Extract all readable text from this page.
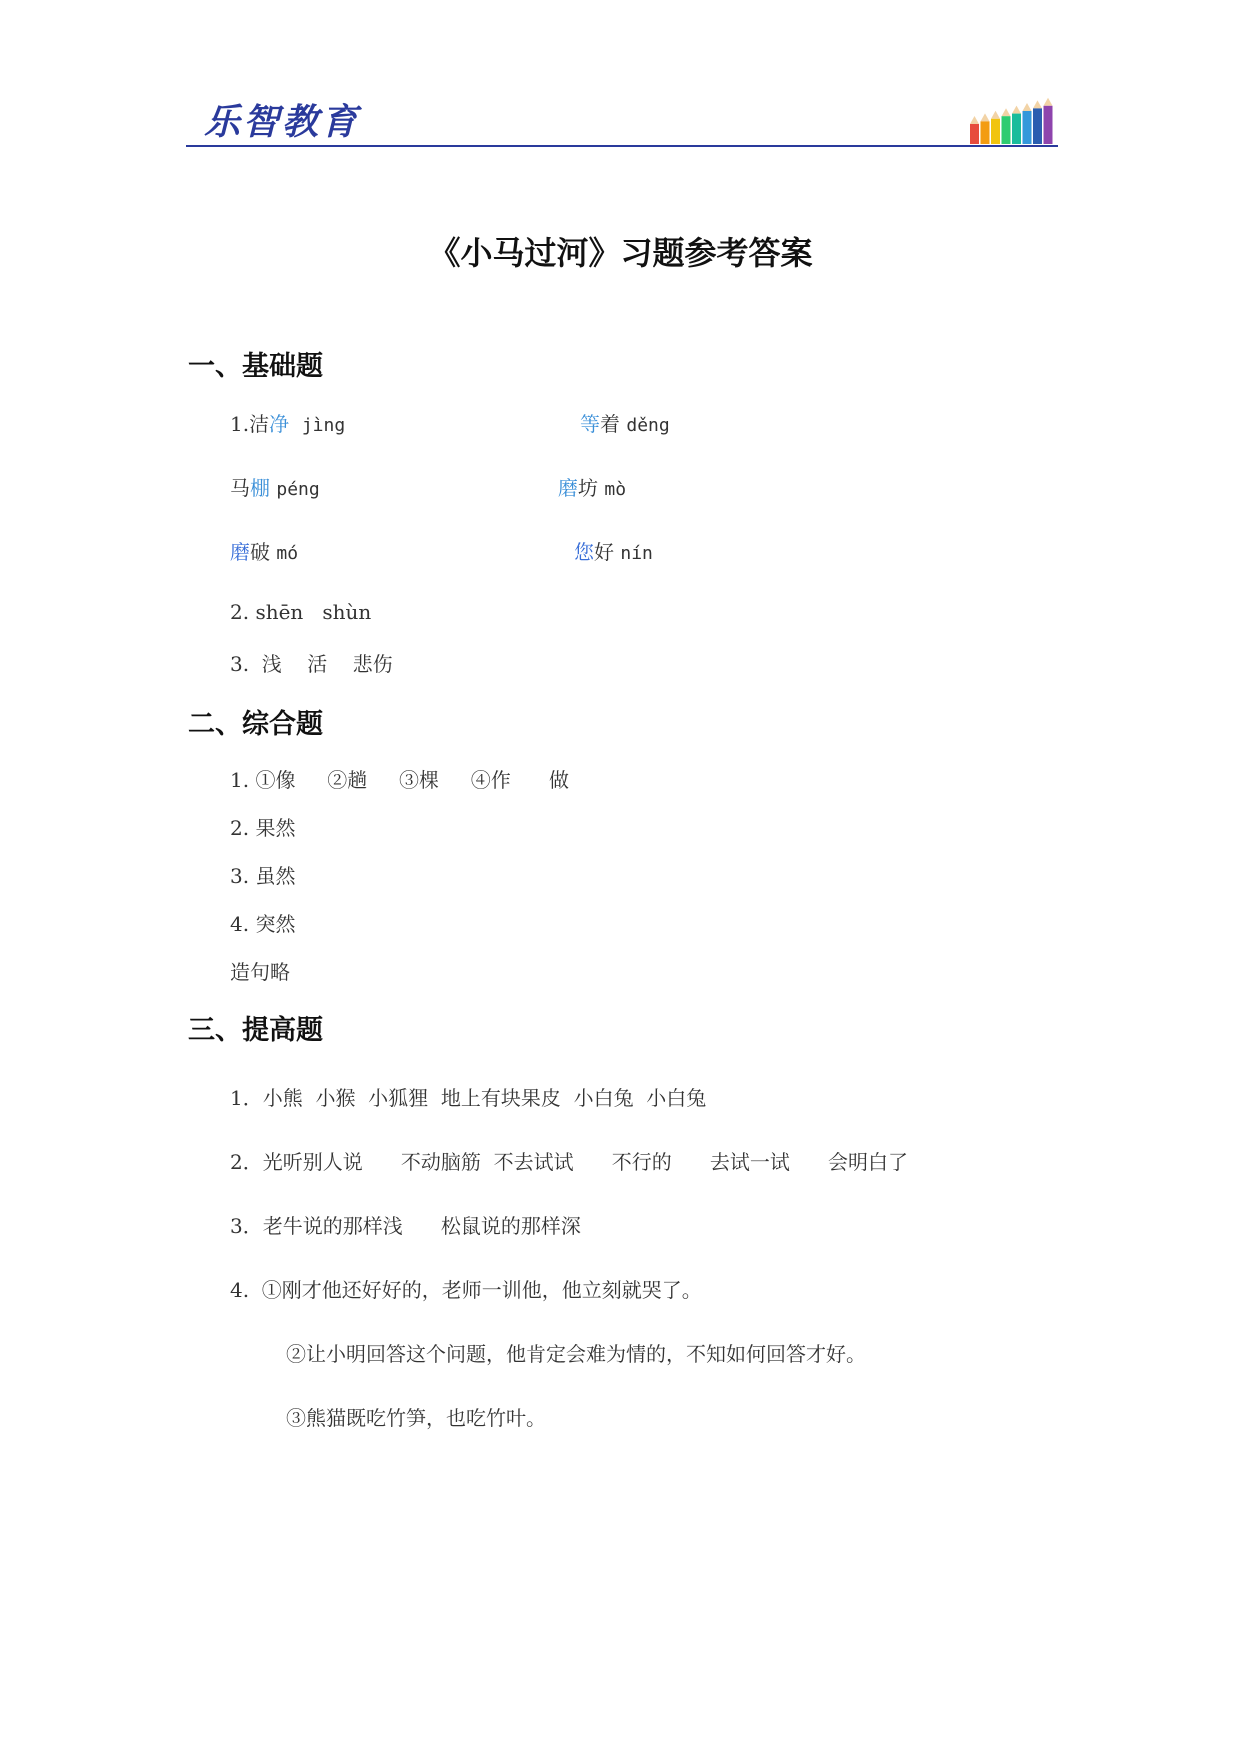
乐智教育
《小马过河》习题参考答案
一、基础题
1.洁净 jìng	等着 děng
马棚 péng	磨坊 mò
磨破 mó	您好 nín
2. shēn   shùn
3.  浅    活    悲伤
二、综合题
1. ①像     ②趟     ③棵     ④作      做
2. 果然
3. 虽然
4. 突然
造句略
三、提高题
1．小熊  小猴  小狐狸  地上有块果皮  小白兔  小白兔
2．光听别人说      不动脑筋  不去试试      不行的      去试一试      会明白了
3．老牛说的那样浅      松鼠说的那样深
4.  ①刚才他还好好的，老师一训他，他立刻就哭了。
②让小明回答这个问题，他肯定会难为情的，不知如何回答才好。
③熊猫既吃竹笋，也吃竹叶。
